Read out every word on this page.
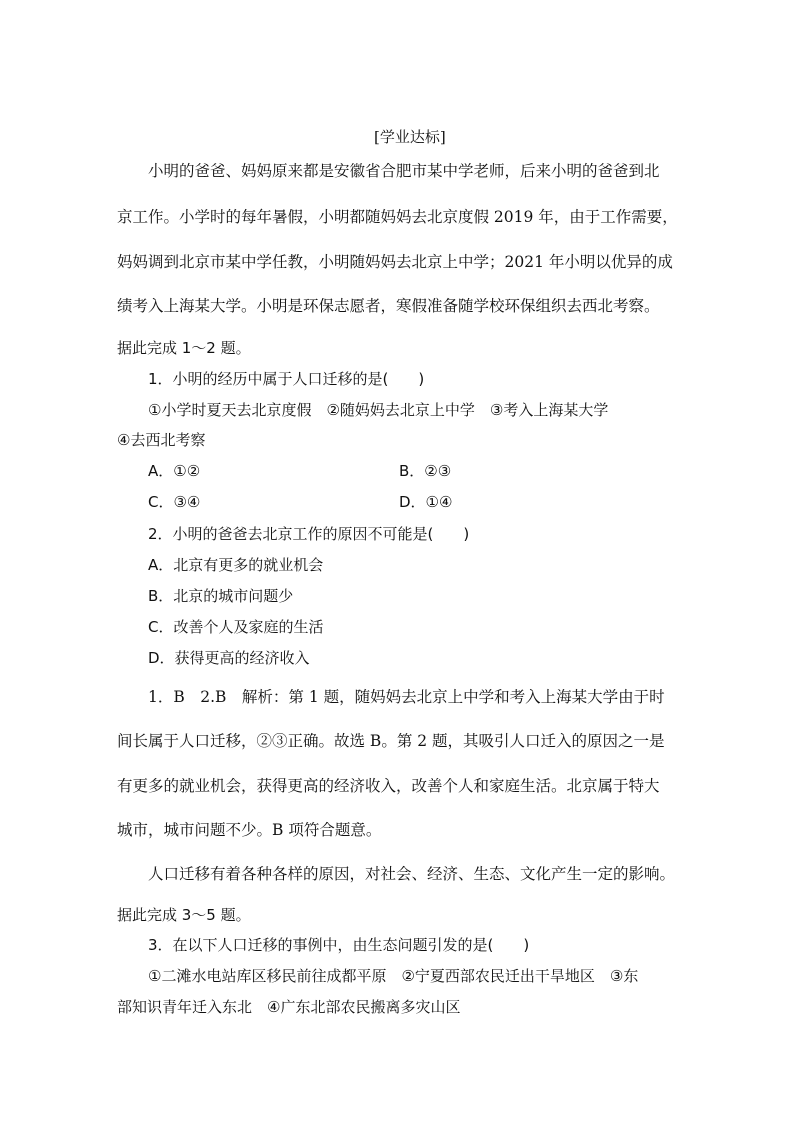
[学业达标]
小明的爸爸、妈妈原来都是安徽省合肥市某中学老师，后来小明的爸爸到北
京工作。小学时的每年暑假，小明都随妈妈去北京度假 2019 年，由于工作需要，
妈妈调到北京市某中学任教，小明随妈妈去北京上中学；2021 年小明以优异的成
绩考入上海某大学。小明是环保志愿者，寒假准备随学校环保组织去西北考察。
据此完成 1～2 题。
1．小明的经历中属于人口迁移的是(　　)
①小学时夏天去北京度假　②随妈妈去北京上中学　③考入上海某大学
④去西北考察
A．①②	B．②③
C．③④	D．①④
2．小明的爸爸去北京工作的原因不可能是(　　)
A．北京有更多的就业机会
B．北京的城市问题少
C．改善个人及家庭的生活
D．获得更高的经济收入
1．B　2.B　解析：第 1 题，随妈妈去北京上中学和考入上海某大学由于时
间长属于人口迁移，②③正确。故选 B。第 2 题，其吸引人口迁入的原因之一是
有更多的就业机会，获得更高的经济收入，改善个人和家庭生活。北京属于特大
城市，城市问题不少。B 项符合题意。
人口迁移有着各种各样的原因，对社会、经济、生态、文化产生一定的影响。
据此完成 3～5 题。
3．在以下人口迁移的事例中，由生态问题引发的是(　　)
①二滩水电站库区移民前往成都平原　②宁夏西部农民迁出干旱地区　③东
部知识青年迁入东北　④广东北部农民搬离多灾山区
